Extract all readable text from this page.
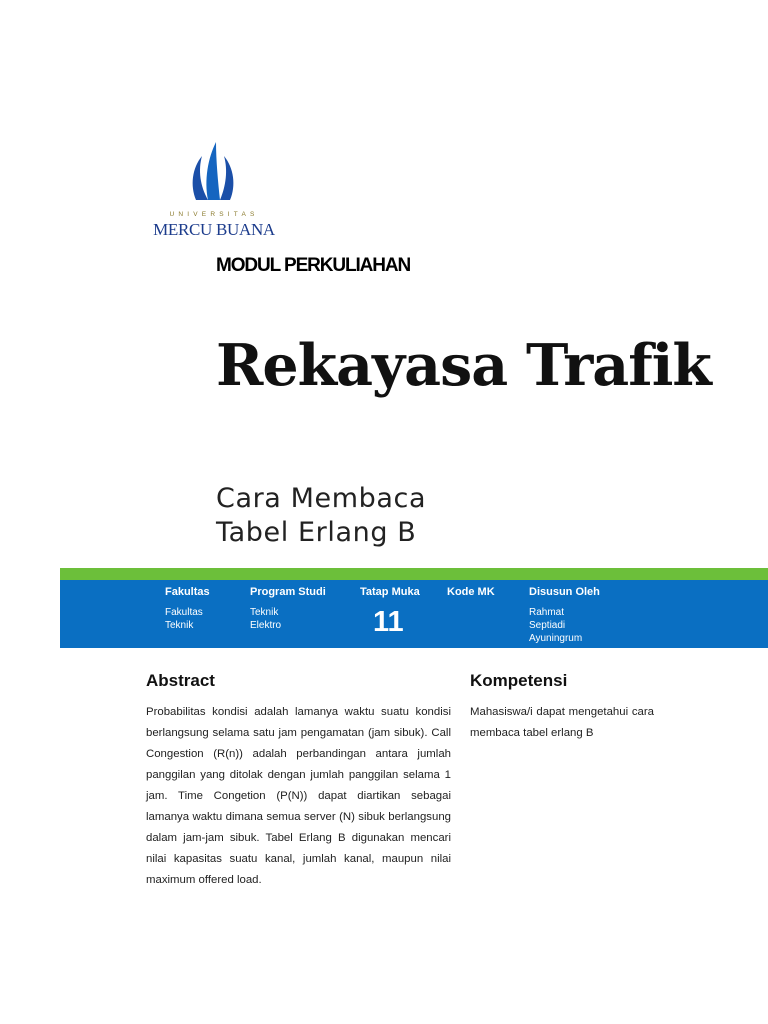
UNIVERSITAS
MERCU BUANA
MODUL PERKULIAHAN
Rekayasa Trafik
Cara Membaca
Tabel Erlang B
Fakultas
Fakultas
Teknik
Program Studi
Teknik Elektro
Tatap Muka
11
Kode MK	Disusun Oleh
Rahmat Septiadi
Ayuningrum
Abstract
Probabilitas kondisi adalah lamanya waktu suatu kondisi berlangsung selama satu jam pengamatan (jam sibuk). Call Congestion (R(n)) adalah perbandingan antara jumlah panggilan yang ditolak dengan jumlah panggilan selama 1 jam. Time Congetion (P(N)) dapat diartikan sebagai lamanya waktu dimana semua server (N) sibuk berlangsung dalam jam-jam sibuk. Tabel Erlang B digunakan mencari nilai kapasitas suatu kanal, jumlah kanal, maupun nilai maximum offered load.
Kompetensi
Mahasiswa/i dapat mengetahui cara membaca tabel erlang B
